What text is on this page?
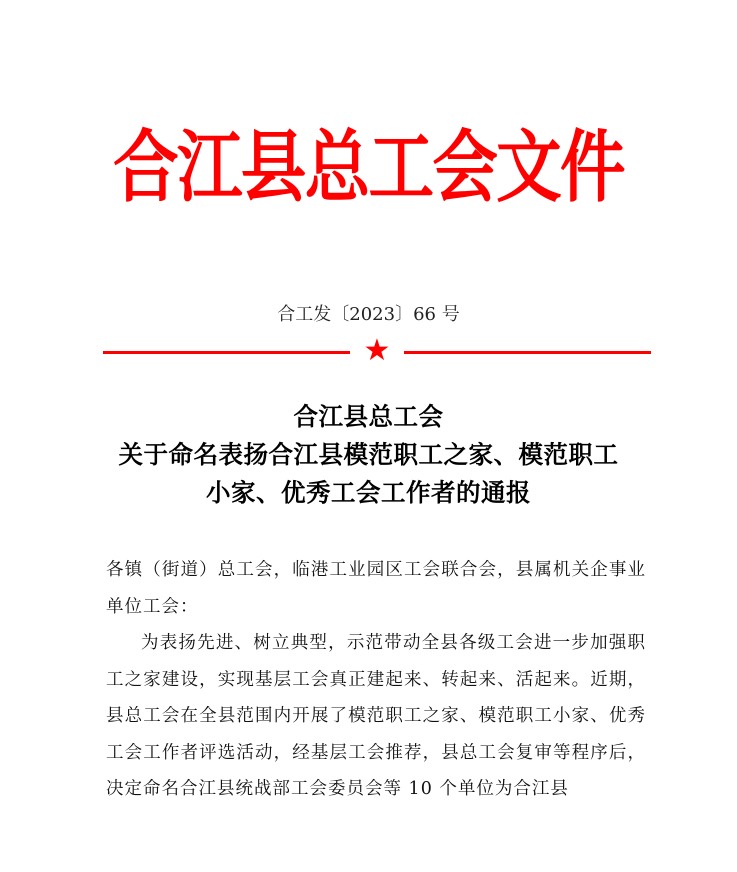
合江县总工会文件
合工发〔2023〕66 号
★
合江县总工会
关于命名表扬合江县模范职工之家、模范职工
小家、优秀工会工作者的通报

各镇（街道）总工会，临港工业园区工会联合会，县属机关企事业单位工会：

为表扬先进、树立典型，示范带动全县各级工会进一步加强职工之家建设，实现基层工会真正建起来、转起来、活起来。近期，县总工会在全县范围内开展了模范职工之家、模范职工小家、优秀工会工作者评选活动，经基层工会推荐，县总工会复审等程序后，决定命名合江县统战部工会委员会等 10 个单位为合江县
